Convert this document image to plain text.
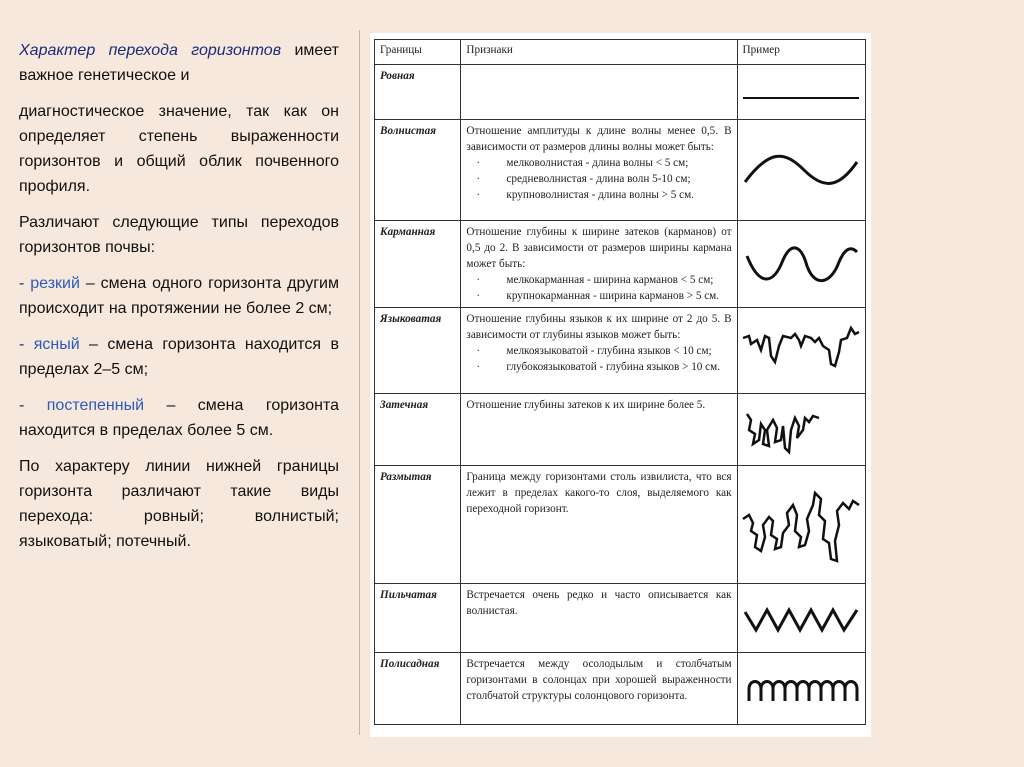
Характер перехода горизонтов имеет важное генетическое и

диагностическое значение, так как он определяет степень выраженности горизонтов и общий облик почвенного профиля.

Различают следующие типы переходов горизонтов почвы:

- резкий – смена одного горизонта другим происходит на протяжении не более 2 см;

- ясный – смена горизонта находится в пределах 2–5 см;

- постепенный – смена горизонта находится в пределах более 5 см.

По характеру линии нижней границы горизонта различают такие виды перехода: ровный; волнистый; языковатый; потечный.

Границы	Признаки	Пример
Ровная		

Волнистая	Отношение амплитуды к длине волны менее 0,5. В зависимости от размеров длины волны может быть:
· мелковолнистая - длина волны < 5 см;
· средневолнистая - длина волн 5-10 см;
· крупноволнистая - длина волны > 5 см.

Карманная	Отношение глубины к ширине затеков (карманов) от 0,5 до 2. В зависимости от размеров ширины кармана может быть:
· мелкокарманная - ширина карманов < 5 см;
· крупнокарманная - ширина карманов > 5 см.

Языковатая	Отношение глубины языков к их ширине от 2 до 5. В зависимости от глубины языков может быть:
· мелкоязыковатой - глубина языков < 10 см;
· глубокоязыковатой - глубина языков > 10 см.

Затечная	Отношение глубины затеков к их ширине более 5.	

Размытая	Граница между горизонтами столь извилиста, что вся лежит в пределах какого-то слоя, выделяемого как переходной горизонт.	

Пильчатая	Встречается очень редко и часто описывается как волнистая.	

Полисадная	Встречается между осолодылым и столбчатым горизонтами в солонцах при хорошей выраженности столбчатой структуры солонцового горизонта.	
